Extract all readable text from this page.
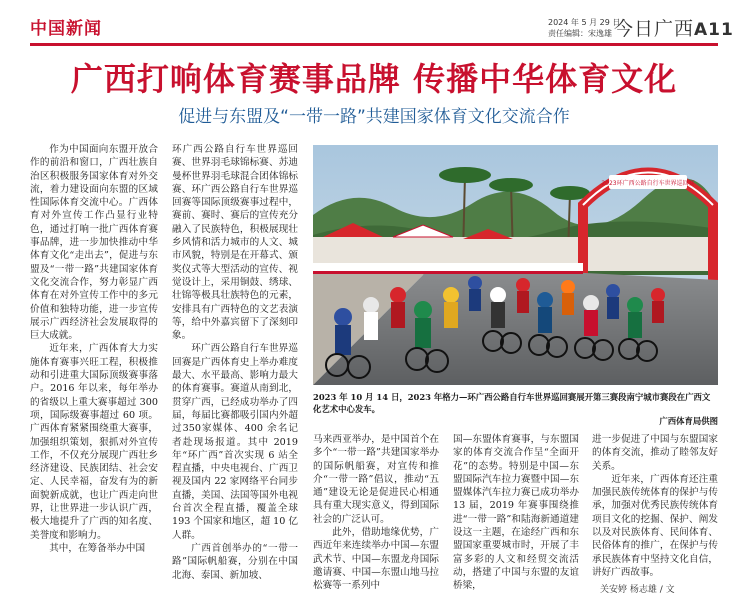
中国新闻	2024 年 5 月 29 日
责任编辑：宋逸雄 今日广西A11
广西打响体育赛事品牌 传播中华体育文化
促进与东盟及“一带一路”共建国家体育文化交流合作

作为中国面向东盟开放合作的前沿和窗口，广西壮族自治区积极服务国家体育对外交流，着力建设面向东盟的区域性国际体育交流中心。广西体育对外宣传工作凸显行业特色，通过打响一批广西体育赛事品牌，进一步加快推动中华体育文化“走出去”，促进与东盟及“一带一路”共建国家体育文化交流合作，努力彰显广西体育在对外宣传工作中的多元价值和独特功能，进一步宣传展示广西经济社会发展取得的巨大成就。

近年来，广西体育大力实施体育赛事兴旺工程，积极推动和引进重大国际顶级赛事落户。2016 年以来，每年举办的省级以上重大赛事超过 300 项，国际级赛事超过 60 项。广西体育紧紧围绕重大赛事，加强组织策划，狠抓对外宣传工作，不仅充分展现广西壮乡经济建设、民族团结、社会安定、人民幸福，奋发有为的新面貌新成就，也让广西走向世界，让世界进一步认识广西，极大地提升了广西的知名度、美誉度和影响力。

其中，在筹备举办中国

环广西公路自行车世界巡回赛、世界羽毛球锦标赛、苏迪曼杯世界羽毛球混合团体锦标赛、环广西公路自行车世界巡回赛等国际顶级赛事过程中，赛前、赛时、赛后的宣传充分融入了民族特色，积极展现壮乡风情和活力城市的人文、城市风貌，特别是在开幕式、颁奖仪式等大型活动的宣传、视觉设计上，采用铜鼓、绣球、壮锦等极具壮族特色的元素，安排具有广西特色的文艺表演等，给中外嘉宾留下了深刻印象。

环广西公路自行车世界巡回赛是广西体育史上举办难度最大、水平最高、影响力最大的体育赛事。赛道从南到北，贯穿广西，已经成功举办了四届，每届比赛都吸引国内外超过350家媒体、400 余名记者赴现场报道。其中 2019 年“环广西”首次实现 6 站全程直播，中央电视台、广西卫视及国内 22 家网络平台同步直播，美国、法国等国外电视台首次全程直播，覆盖全球 193 个国家和地区，超 10 亿人群。

广西首创举办的“一带一路”国际帆船赛，分别在中国北海、泰国、新加坡、

2023环广西公路自行车世界巡回赛
2023 年 10 月 14 日，2023 年格力—环广西公路自行车世界巡回赛展开第三赛段南宁城市赛段在广西文化艺术中心发车。
广西体育局供图

马来西亚举办，是中国首个在多个“一带一路”共建国家举办的国际帆船赛，对宣传和推介“一带一路”倡议，推动“五通”建设无论是促进民心相通具有重大现实意义，得到国际社会的广泛认可。

此外，借助地缘优势，广西近年来连续举办中国—东盟武术节、中国—东盟龙舟国际邀请赛、中国—东盟山地马拉松赛等一系列中

国—东盟体育赛事，与东盟国家的体育交流合作呈“全面开花”的态势。特别是中国—东盟国际汽车拉力赛暨中国—东盟媒体汽车拉力赛已成功举办 13 届，2019 年赛事围绕推进“一带一路”和陆海新通道建设这一主题，在途经广西和东盟国家重要城市时，开展了丰富多彩的人文和经贸交流活动，搭建了中国与东盟的友谊桥梁，

进一步促进了中国与东盟国家的体育交流，推动了睦邻友好关系。

近年来，广西体育还注重加强民族传统体育的保护与传承，加强对优秀民族传统体育项目文化的挖掘、保护、阐发以及对民族体育、民间体育、民俗体育的推广，在保护与传承民族体育中坚持文化自信，讲好广西故事。

关安婷 杨志雄 / 文
